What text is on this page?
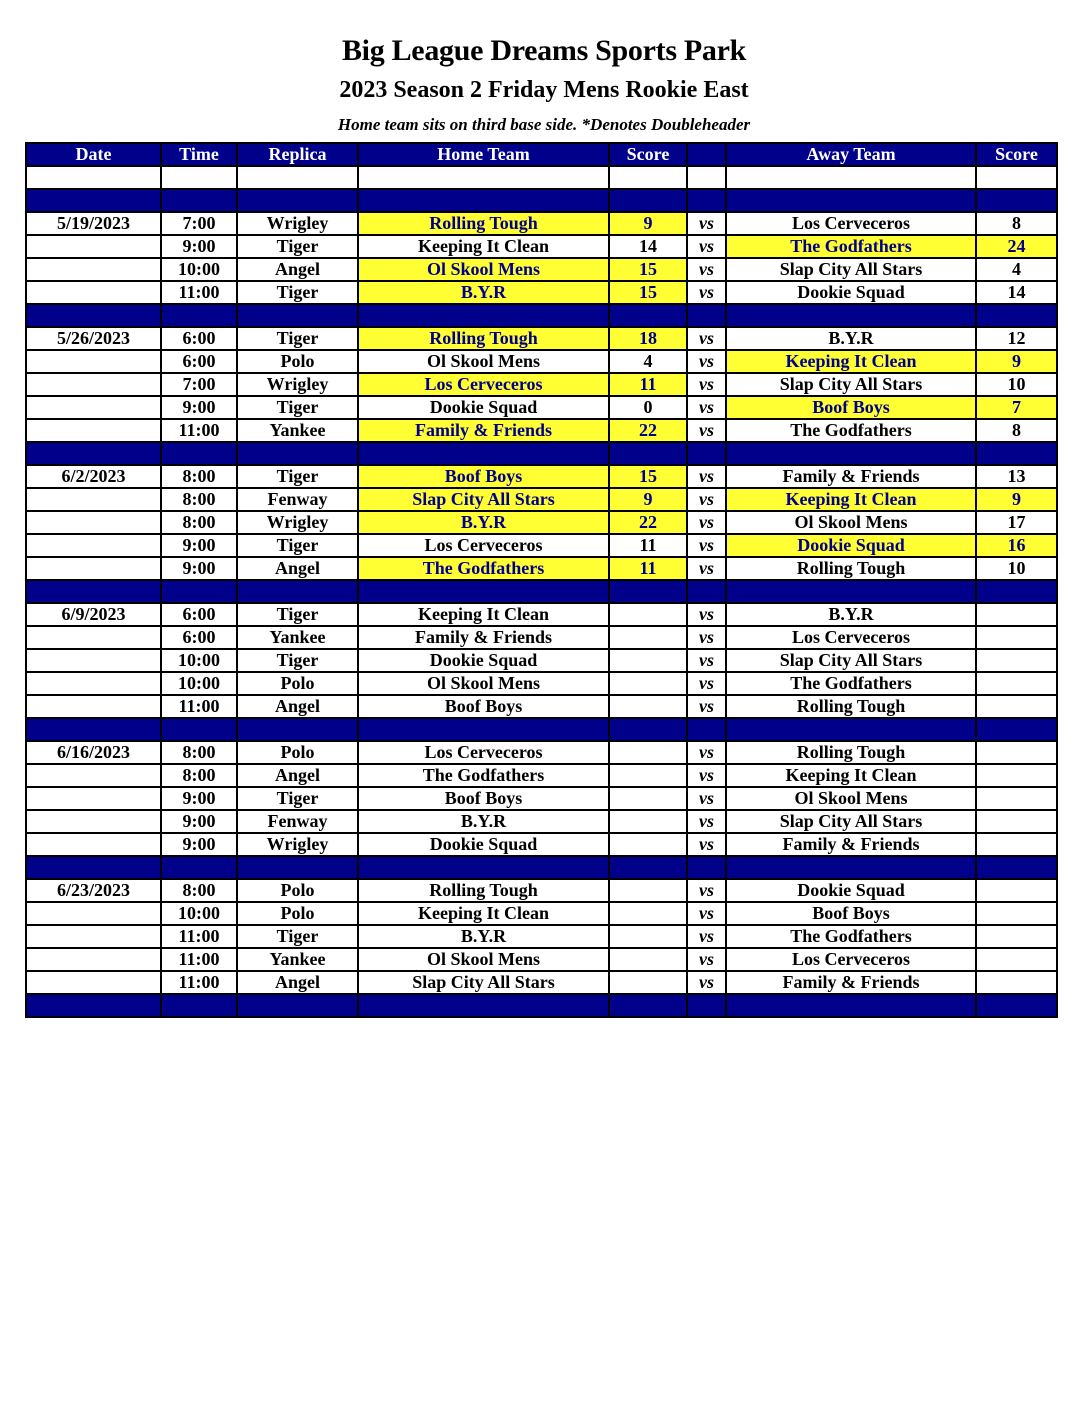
Big League Dreams Sports Park
2023 Season 2 Friday Mens Rookie East
Home team sits on third base side. *Denotes Doubleheader
Date	Time	Replica	Home Team	Score		Away Team	Score

5/19/2023	7:00	Wrigley	Rolling Tough	9	vs	Los Cerveceros	8
	9:00	Tiger	Keeping It Clean	14	vs	The Godfathers	24
	10:00	Angel	Ol Skool Mens	15	vs	Slap City All Stars	4
	11:00	Tiger	B.Y.R	15	vs	Dookie Squad	14

5/26/2023	6:00	Tiger	Rolling Tough	18	vs	B.Y.R	12
	6:00	Polo	Ol Skool Mens	4	vs	Keeping It Clean	9
	7:00	Wrigley	Los Cerveceros	11	vs	Slap City All Stars	10
	9:00	Tiger	Dookie Squad	0	vs	Boof Boys	7
	11:00	Yankee	Family & Friends	22	vs	The Godfathers	8

6/2/2023	8:00	Tiger	Boof Boys	15	vs	Family & Friends	13
	8:00	Fenway	Slap City All Stars	9	vs	Keeping It Clean	9
	8:00	Wrigley	B.Y.R	22	vs	Ol Skool Mens	17
	9:00	Tiger	Los Cerveceros	11	vs	Dookie Squad	16
	9:00	Angel	The Godfathers	11	vs	Rolling Tough	10

6/9/2023	6:00	Tiger	Keeping It Clean		vs	B.Y.R	
	6:00	Yankee	Family & Friends		vs	Los Cerveceros	
	10:00	Tiger	Dookie Squad		vs	Slap City All Stars	
	10:00	Polo	Ol Skool Mens		vs	The Godfathers	
	11:00	Angel	Boof Boys		vs	Rolling Tough	

6/16/2023	8:00	Polo	Los Cerveceros		vs	Rolling Tough	
	8:00	Angel	The Godfathers		vs	Keeping It Clean	
	9:00	Tiger	Boof Boys		vs	Ol Skool Mens	
	9:00	Fenway	B.Y.R		vs	Slap City All Stars	
	9:00	Wrigley	Dookie Squad		vs	Family & Friends	

6/23/2023	8:00	Polo	Rolling Tough		vs	Dookie Squad	
	10:00	Polo	Keeping It Clean		vs	Boof Boys	
	11:00	Tiger	B.Y.R		vs	The Godfathers	
	11:00	Yankee	Ol Skool Mens		vs	Los Cerveceros	
	11:00	Angel	Slap City All Stars		vs	Family & Friends	
